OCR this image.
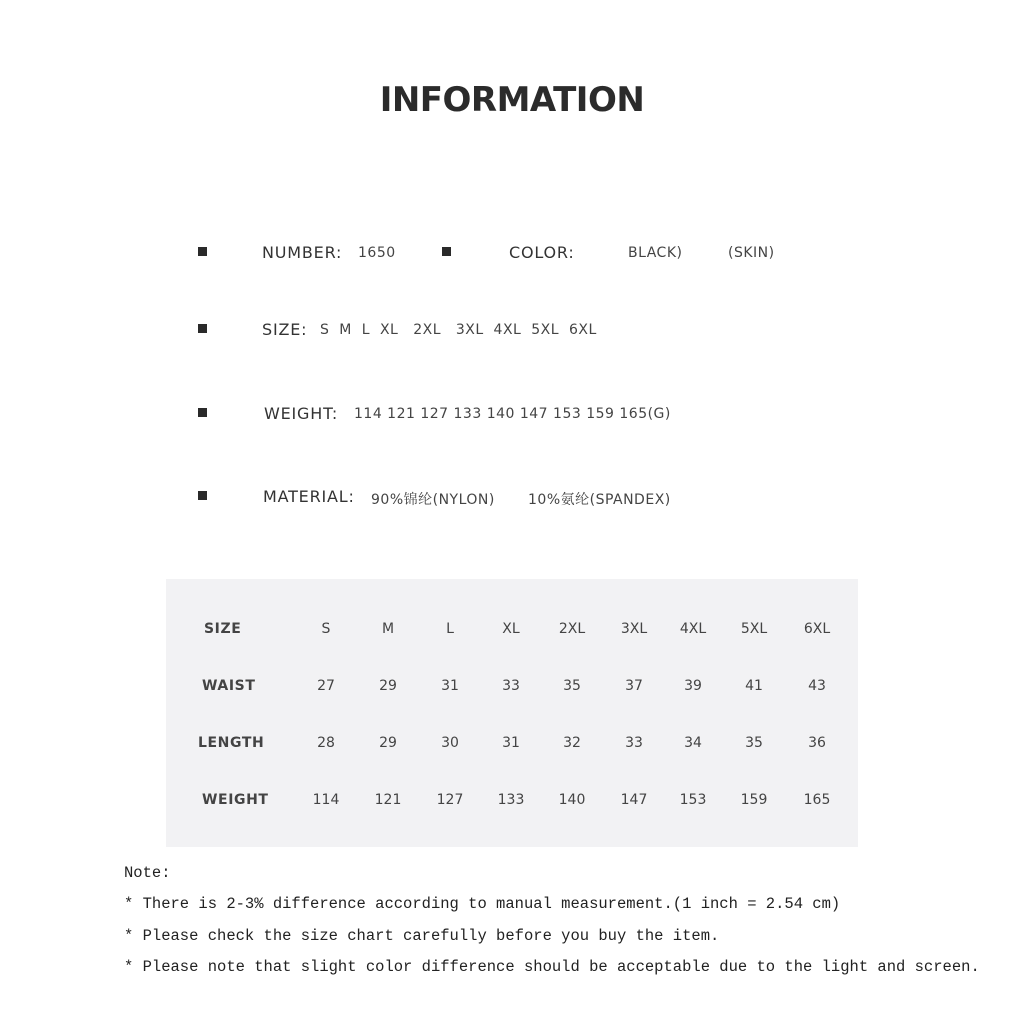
INFORMATION
NUMBER: 1650	COLOR:	BLACK)	(SKIN)
SIZE: S  M  L  XL   2XL   3XL  4XL  5XL  6XL
WEIGHT: 114 121 127 133 140 147 153 159 165(G)
MATERIAL: 90%锦纶(NYLON) 10%氨纶(SPANDEX)
SIZE	S	M	L	XL	2XL	3XL	4XL	5XL	6XL
WAIST	27	29	31	33	35	37	39	41	43
LENGTH	28	29	30	31	32	33	34	35	36
WEIGHT	114	121	127	133	140	147	153	159	165
Note:
* There is 2-3% difference according to manual measurement.(1 inch = 2.54 cm)
* Please check the size chart carefully before you buy the item.
* Please note that slight color difference should be acceptable due to the light and screen.
